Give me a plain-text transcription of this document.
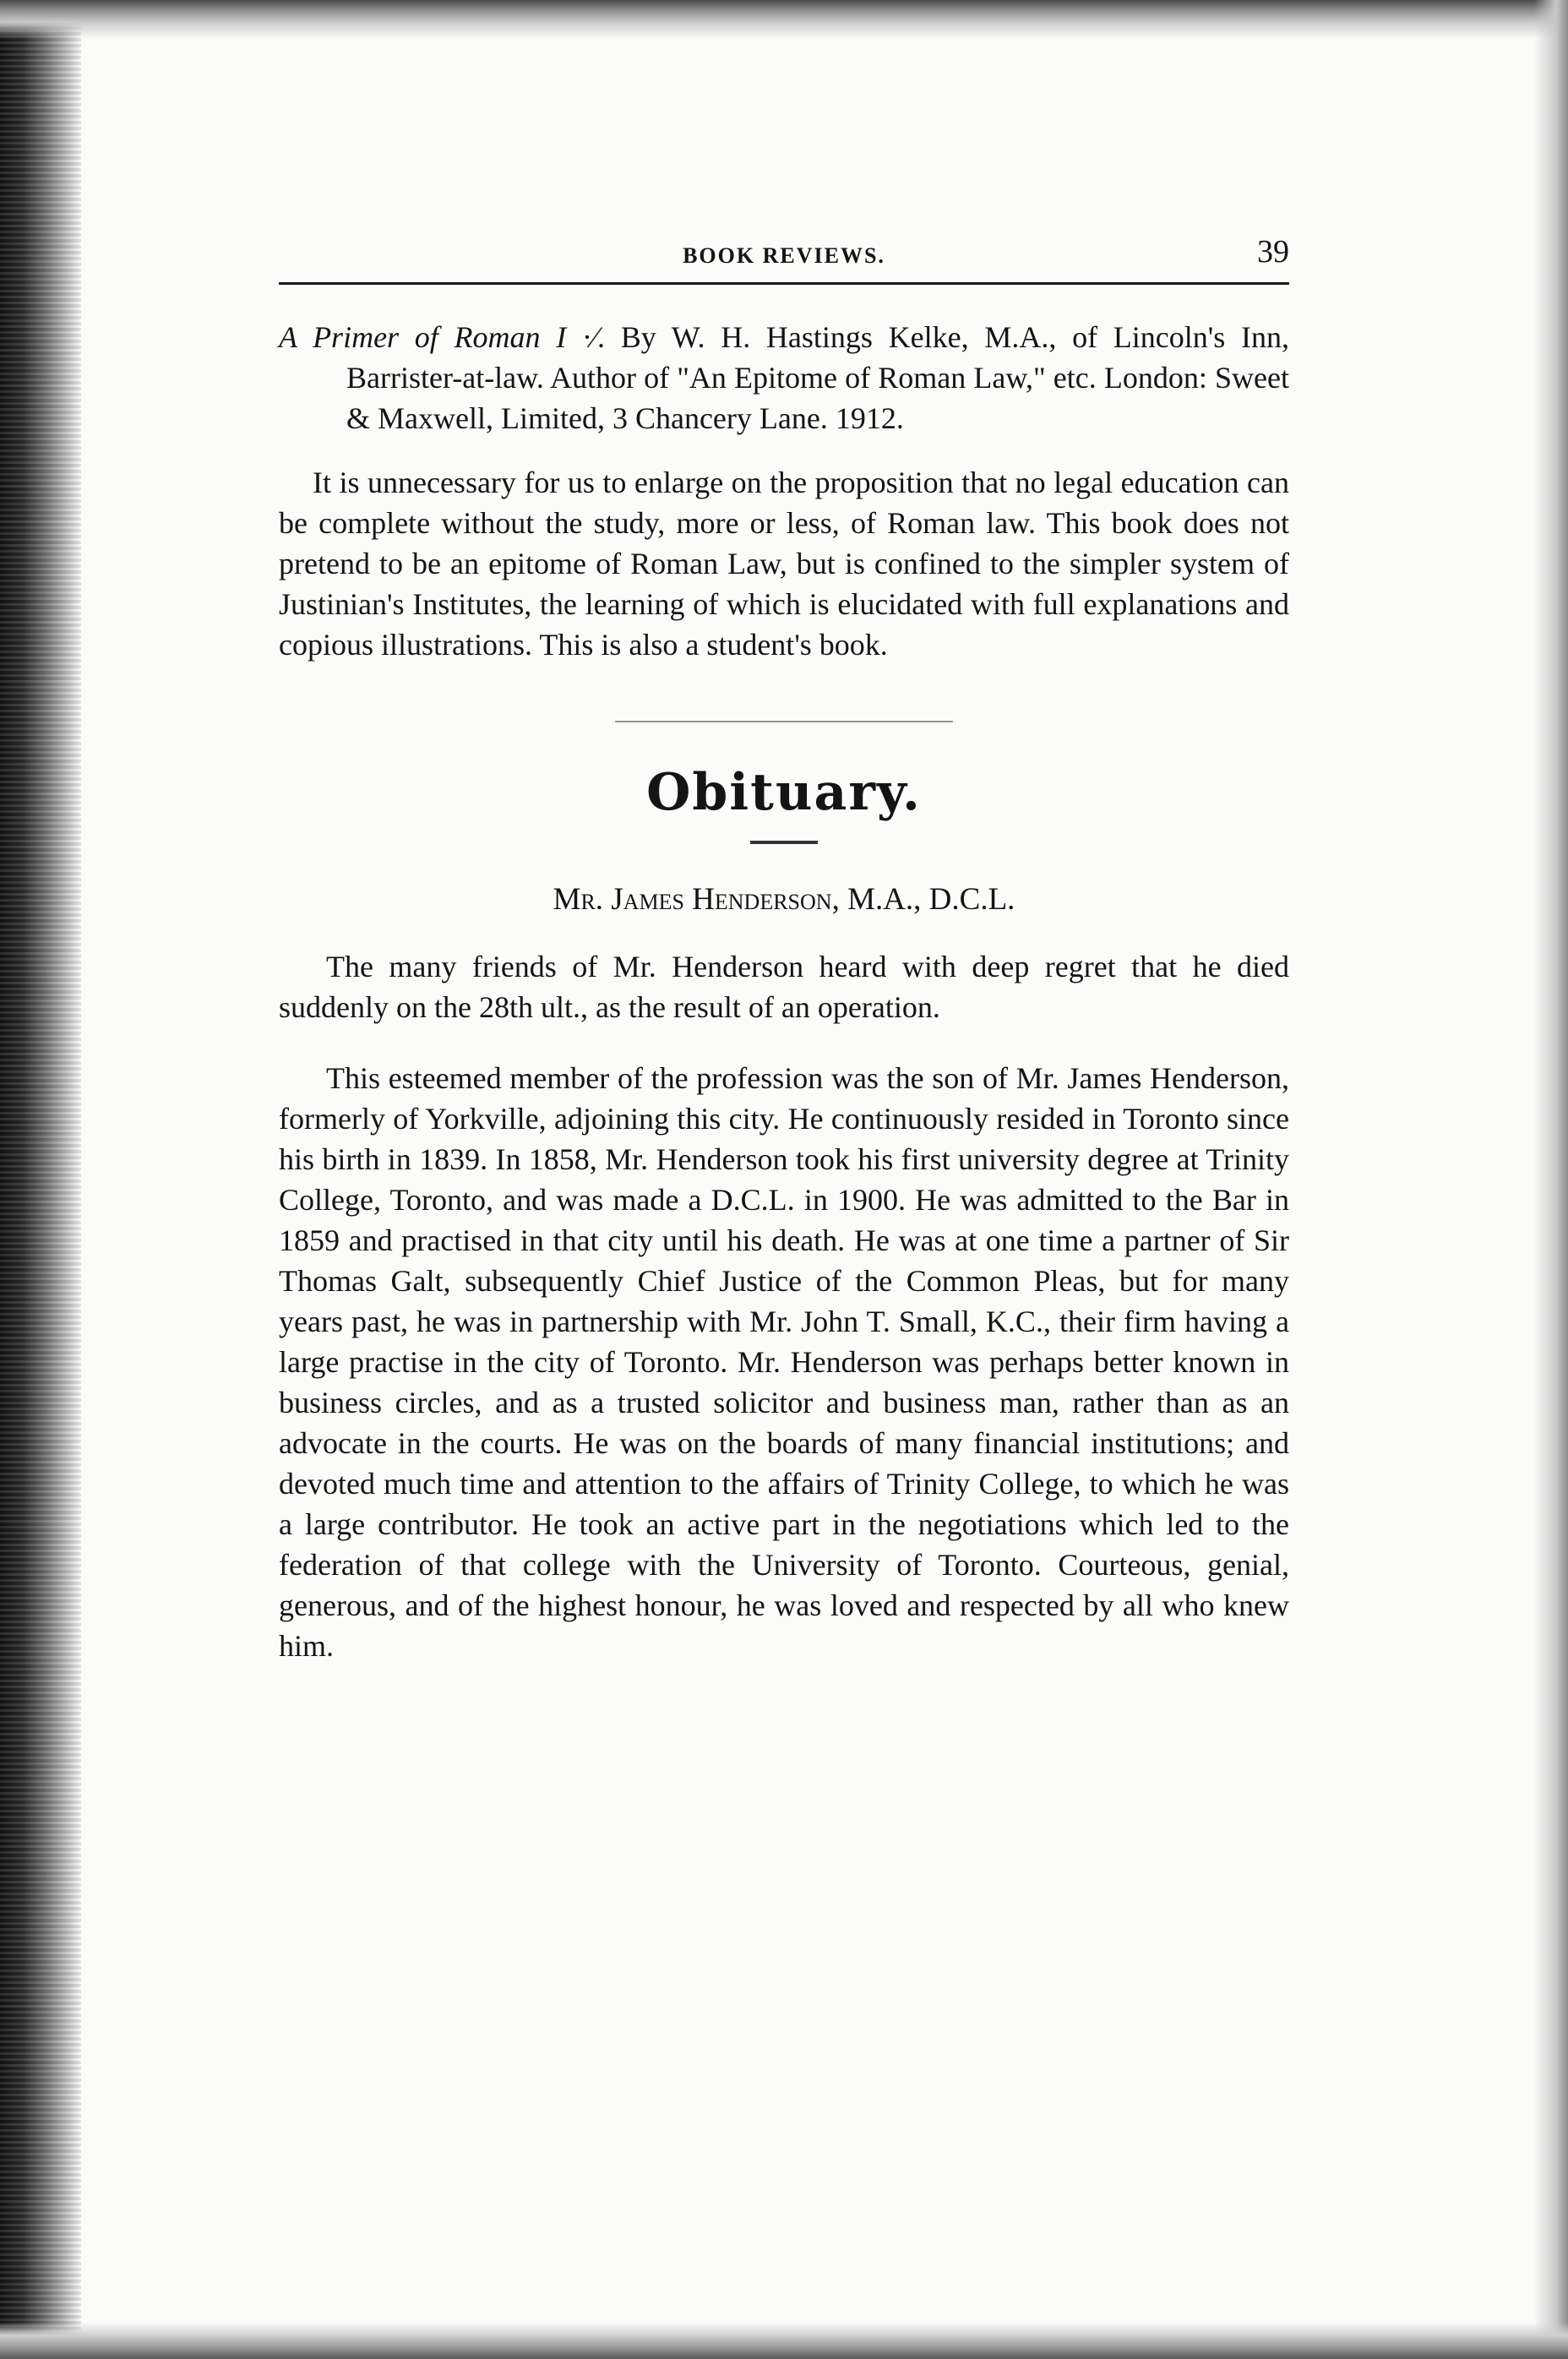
BOOK REVIEWS.	39
A Primer of Roman I ·⁄. By W. H. Hastings Kelke, M.A., of Lincoln's Inn, Barrister-at-law. Author of "An Epitome of Roman Law," etc. London: Sweet & Maxwell, Limited, 3 Chancery Lane. 1912.

It is unnecessary for us to enlarge on the proposition that no legal education can be complete without the study, more or less, of Roman law. This book does not pretend to be an epitome of Roman Law, but is confined to the simpler system of Justinian's Institutes, the learning of which is elucidated with full explanations and copious illustrations. This is also a student's book.

Obituary.
Mr. James Henderson, M.A., D.C.L.

The many friends of Mr. Henderson heard with deep regret that he died suddenly on the 28th ult., as the result of an operation.

This esteemed member of the profession was the son of Mr. James Henderson, formerly of Yorkville, adjoining this city. He continuously resided in Toronto since his birth in 1839. In 1858, Mr. Henderson took his first university degree at Trinity College, Toronto, and was made a D.C.L. in 1900. He was admitted to the Bar in 1859 and practised in that city until his death. He was at one time a partner of Sir Thomas Galt, subsequently Chief Justice of the Common Pleas, but for many years past, he was in partnership with Mr. John T. Small, K.C., their firm having a large practise in the city of Toronto. Mr. Henderson was perhaps better known in business circles, and as a trusted solicitor and business man, rather than as an advocate in the courts. He was on the boards of many financial institutions; and devoted much time and attention to the affairs of Trinity College, to which he was a large contributor. He took an active part in the negotiations which led to the federation of that college with the University of Toronto. Courteous, genial, generous, and of the highest honour, he was loved and respected by all who knew him.
